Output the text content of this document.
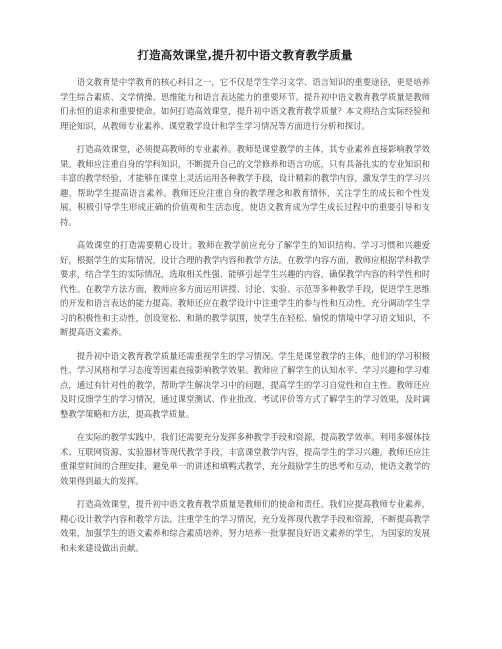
打造高效课堂,提升初中语文教育教学质量

语文教育是中学教育的核心科目之一，它不仅是学生学习文学、语言知识的重要途径，更是培养学生综合素质、文学情操、思维能力和语言表达能力的重要环节。提升初中语文教育教学质量是教师们永恒的追求和重要使命。如何打造高效课堂，提升初中语文教育教学质量？本文将结合实际经验和理论知识，从教师专业素养、课堂教学设计和学生学习情况等方面进行分析和探讨。

打造高效课堂，必须提高教师的专业素养。教师是课堂教学的主体，其专业素养直接影响教学效果。教师应注重自身的学科知识，不断提升自己的文学修养和语言功底，只有具备扎实的专业知识和丰富的教学经验，才能够在课堂上灵活运用各种教学手段，设计精彩的教学内容，激发学生的学习兴趣，帮助学生提高语言素养。教师还应注重自身的教学理念和教育情怀，关注学生的成长和个性发展，积极引导学生形成正确的价值观和生活态度，使语文教育成为学生成长过程中的重要引导和支持。

高效课堂的打造需要精心设计。教师在教学前应充分了解学生的知识结构、学习习惯和兴趣爱好，根据学生的实际情况，设计合理的教学内容和教学方法。在教学内容方面，教师应根据学科教学要求，结合学生的实际情况，选取相关性强、能够引起学生兴趣的内容，确保教学内容的科学性和时代性。在教学方法方面，教师应多方面运用讲授、讨论、实验、示范等多种教学手段，促进学生思维的开发和语言表达的能力提高。教师还应在教学设计中注重学生的参与性和互动性，充分调动学生学习的积极性和主动性，创设宽松、和谐的教学氛围，使学生在轻松、愉悦的情境中学习语文知识，不断提高语文素养。

提升初中语文教育教学质量还需重视学生的学习情况。学生是课堂教学的主体，他们的学习积极性、学习风格和学习态度等因素直接影响教学效果。教师应了解学生的认知水平、学习兴趣和学习难点，通过有针对性的教学，帮助学生解决学习中的问题，提高学生的学习自觉性和自主性。教师还应及时反馈学生的学习情况，通过课堂测试、作业批改、考试评价等方式了解学生的学习效果，及时调整教学策略和方法，提高教学质量。

在实际的教学实践中，我们还需要充分发挥多种教学手段和资源，提高教学效率。利用多媒体技术、互联网资源、实验器材等现代教学手段，丰富课堂教学内容，提高学生的学习兴趣。教师还应注重课堂时间的合理安排，避免单一的讲述和填鸭式教学，充分鼓励学生的思考和互动，使语文教学的效果得到最大的发挥。

打造高效课堂，提升初中语文教育教学质量是教师们的使命和责任。我们应提高教师专业素养，精心设计教学内容和教学方法，注重学生的学习情况，充分发挥现代教学手段和资源，不断提高教学效果，加强学生的语文素养和综合素质培养，努力培养一批掌握良好语文素养的学生，为国家的发展和未来建设做出贡献。
